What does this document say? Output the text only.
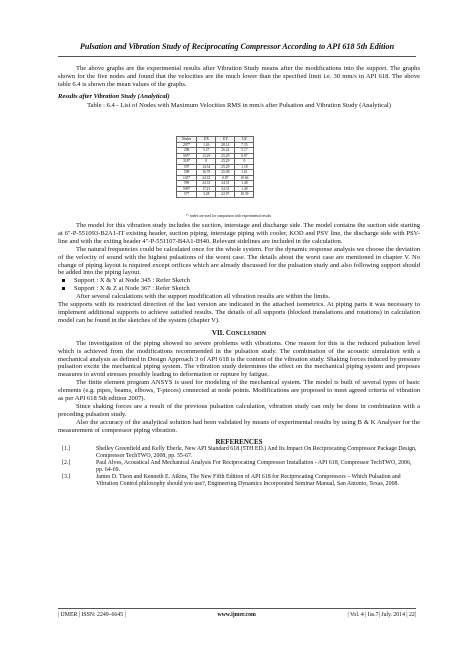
Pulsation and Vibration Study of Reciprocating Compressor According to API 618 5th Edition

The above graphs are the experimental results after Vibration Study means after the modifications into the support. The graphs shown for the five nodes and found that the velocities are the much lower than the specified limit i.e. 30 mm/s in API 618. The above table 6.4 is shown the mean values of the graphs.

Results after Vibration Study (Analytical)

Table : 6.4 - List of Nodes with Maximum Velocities RMS in mm/s after Pulsation and Vibration Study (Analytical)

Nodes	UX	UY	UZ
297*	1.26	28.14	7.55
298	5.27	26.24	5.17
595*	13.29	25.29	0.97
318*	0	25.29	0
597	14.54	25.29	1.18
598	16.78	25.08	1.61
145*	24.33	0.87	10.66
599	24.33	24.31	1.48
599*	17.21	24.31	1.48
577	3.28	22.97	10.39
*- nodes are used for comparison with experimental results

The model for this vibration study includes the suction, interstage and discharge side. The model contains the suction side starting at 6"-P-551093-B2A1-IT existing header, suction piping, interstage piping with cooler, KOD and PSV line, the discharge side with PSV-line and with the exiting header 4"-P-551107-B4A1-IH40. Relevant sidelines are included in the calculation.

The natural frequencies could be calculated once for the whole system. For the dynamic response analysis we choose the deviation of the velocity of sound with the highest pulsations of the worst case. The details about the worst case are mentioned in chapter V. No change of piping layout is required except orifices which are already discussed for the pulsation study and also following support should be added into the piping layout.

Support : X & Y at Node 345 : Refer Sketch
Support : X & Z at Node 367 : Refer Sketch

After several calculations with the support modification all vibration results are within the limits.

The supports with its restricted direction of the last version are indicated in the attached isometrics. At piping parts it was necessary to implement additional supports to achieve satisfied results. The details of all supports (blocked translations and rotations) in calculation model can be found in the sketches of the system (chapter V).

VII. CONCLUSION

The investigation of the piping showed no severe problems with vibrations. One reason for this is the reduced pulsation level which is achieved from the modifications recommended in the pulsation study. The combination of the acoustic simulation with a mechanical analysis as defined in Design Approach 3 of API 618 is the content of the vibration study. Shaking forces induced by pressure pulsation excite the mechanical piping system. The vibration study determines the effect on the mechanical piping system and proposes measures to avoid stresses possibly leading to deformation or rupture by fatigue.

The finite element program ANSYS is used for modeling of the mechanical system. The model is built of several types of basic elements (e.g. pipes, beams, elbows, T-pieces) connected at node points. Modifications are proposed to meet agreed criteria of vibration as per API 618 5th edition 2007).

Since shaking forces are a result of the previous pulsation calculation, vibration study can only be done in combination with a preceding pulsation study.

Also the accuracy of the analytical solution had been validated by means of experimental results by using B & K Analyser for the measurement of compressor piping vibration.

REFERENCES

[1.]	Shelley Greenfield and Kelly Eberle, New API Standard 618 (5TH ED.) And Its Impact On Reciprocating Compressor Package Design, Compressor TechTWO, 2008, pp. 55-67.

[2.]	Paul Alves, Acoustical And Mechanical Analysis For Reciprocating Compressor Installation - API 618, Compressor TechTWO, 2006, pp. 64-69.

[3.]	James D. Tison and Kenneth E. Atkins, The New Fifth Edition of API 618 for Reciprocating Compressors – Which Pulsation and Vibration Control philosophy should you use?, Engineering Dynamics Incorporated Seminar Manual, San Antonio, Texas, 2008.

| IJMER | ISSN: 2249–6645 |	www.ijmer.com	| Vol. 4 | Iss.7| July. 2014 | 22|
